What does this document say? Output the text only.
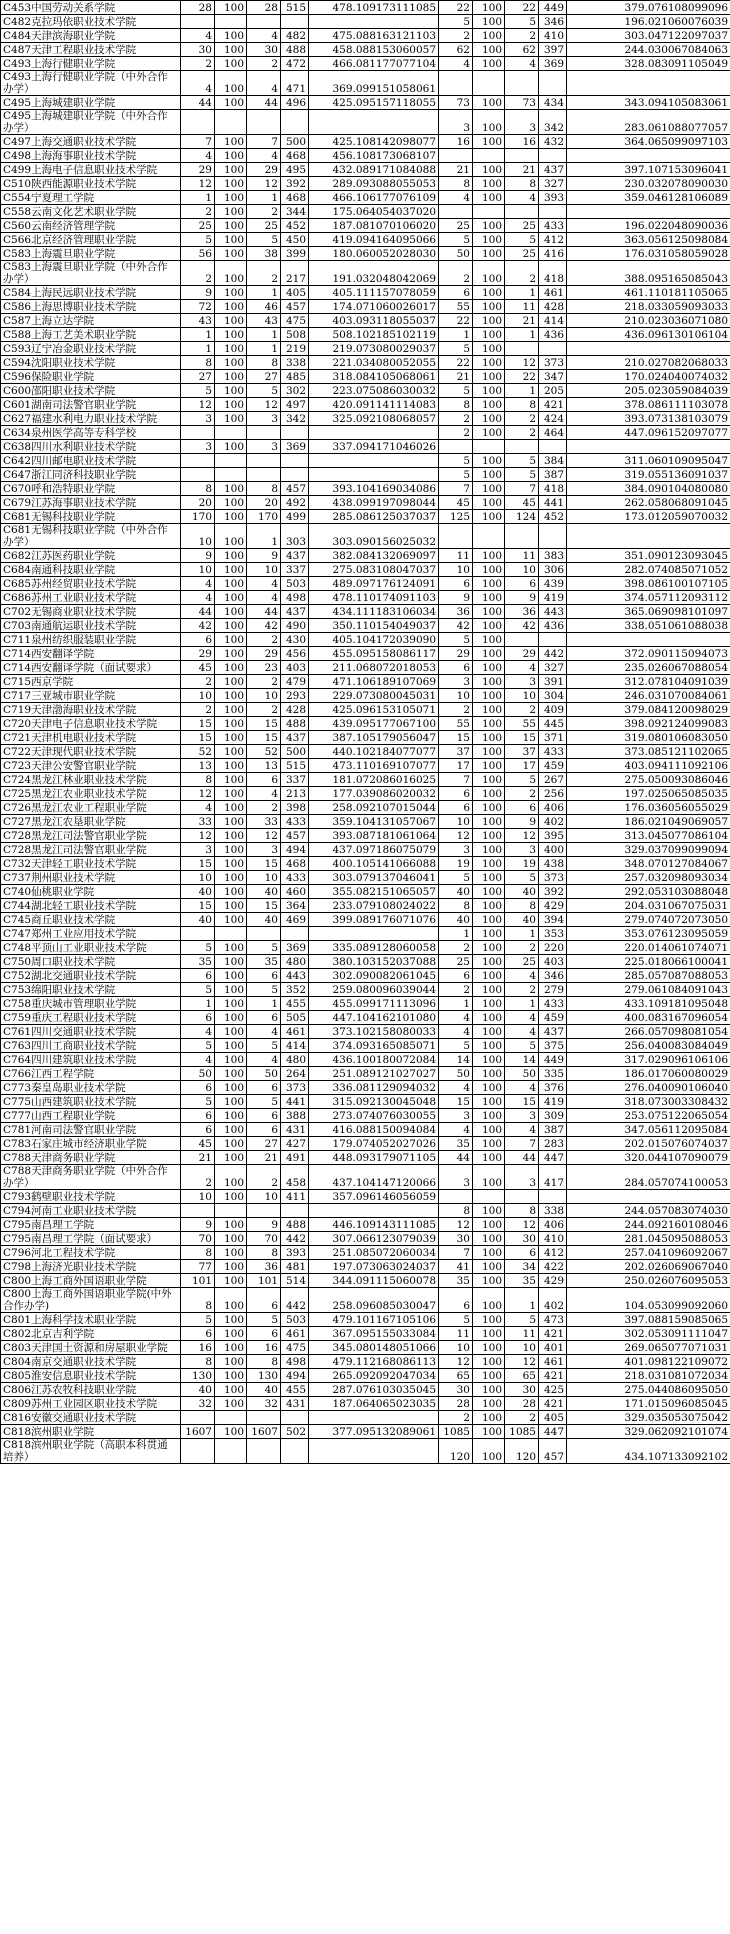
C453中国劳动关系学院	28	100	28	515	478.109173111085	22	100	22	449	379.076108099096
C482克拉玛依职业技术学院						5	100	5	346	196.021060076039
C484天津滨海职业学院	4	100	4	482	475.088163121103	2	100	2	410	303.047122097037
C487天津工程职业技术学院	30	100	30	488	458.088153060057	62	100	62	397	244.030067084063
C493上海行健职业学院	2	100	2	472	466.081177077104	4	100	4	369	328.083091105049
C493上海行健职业学院（中外合作办学）	4	100	4	471	369.099151058061					
C495上海城建职业学院	44	100	44	496	425.095157118055	73	100	73	434	343.094105083061
C495上海城建职业学院（中外合作办学）						3	100	3	342	283.061088077057
C497上海交通职业技术学院	7	100	7	500	425.108142098077	16	100	16	432	364.065099097103
C498上海海事职业技术学院	4	100	4	468	456.108173068107					
C499上海电子信息职业技术学院	29	100	29	495	432.089171084088	21	100	21	437	397.107153096041
C510陕西能源职业技术学院	12	100	12	392	289.093088055053	8	100	8	327	230.032078090030
C554宁夏理工学院	1	100	1	468	466.106177076109	4	100	4	393	359.046128106089
C558云南文化艺术职业学院	2	100	2	344	175.064054037020					
C560云南经济管理学院	25	100	25	452	187.081070106020	25	100	25	433	196.022048090036
C566北京经济管理职业学院	5	100	5	450	419.094164095066	5	100	5	412	363.056125098084
C583上海震旦职业学院	56	100	38	399	180.060052028030	50	100	25	416	176.031058059028
C583上海震旦职业学院（中外合作办学）	2	100	2	217	191.032048042069	2	100	2	418	388.095165085043
C584上海民远职业技术学院	9	100	1	405	405.111157078059	6	100	1	461	461.110181105065
C586上海思博职业技术学院	72	100	46	457	174.071060026017	55	100	11	428	218.033059093033
C587上海立达学院	43	100	43	475	403.093118055037	22	100	21	414	210.023036071080
C588上海工艺美术职业学院	1	100	1	508	508.102185102119	1	100	1	436	436.096130106104
C593辽宁冶金职业技术学院	1	100	1	219	219.073080029037	5	100			
C594沈阳职业技术学院	8	100	8	338	221.034080052055	22	100	12	373	210.027082068033
C596保险职业学院	27	100	27	485	318.084105068061	21	100	22	347	170.024040074032
C600邵阳职业技术学院	5	100	5	302	223.075086030032	5	100	1	205	205.023059084039
C601湖南司法警官职业学院	12	100	12	497	420.091141114083	8	100	8	421	378.086111103078
C627福建水利电力职业技术学院	3	100	3	342	325.092108068057	2	100	2	424	393.073138103079
C634泉州医学高等专科学校						2	100	2	464	447.096152097077
C638四川水利职业技术学院	3	100	3	369	337.094171046026					
C642四川邮电职业技术学院						5	100	5	384	311.060109095047
C647浙江同济科技职业学院						5	100	5	387	319.055136091037
C670呼和浩特职业学院	8	100	8	457	393.104169034086	7	100	7	418	384.090104080080
C679江苏海事职业技术学院	20	100	20	492	438.099197098044	45	100	45	441	262.058068091045
C681无锡科技职业学院	170	100	170	499	285.086125037037	125	100	124	452	173.012059070032
C681无锡科技职业学院（中外合作办学）	10	100	1	303	303.090156025032					
C682江苏医药职业学院	9	100	9	437	382.084132069097	11	100	11	383	351.090123093045
C684南通科技职业学院	10	100	10	337	275.083108047037	10	100	10	306	282.074085071052
C685苏州经贸职业技术学院	4	100	4	503	489.097176124091	6	100	6	439	398.086100107105
C686苏州工业职业技术学院	4	100	4	498	478.110174091103	9	100	9	419	374.057112093112
C702无锡商业职业技术学院	44	100	44	437	434.111183106034	36	100	36	443	365.069098101097
C703南通航运职业技术学院	42	100	42	490	350.110154049037	42	100	42	436	338.051061088038
C711泉州纺织服装职业学院	6	100	2	430	405.104172039090	5	100			
C714西安翻译学院	29	100	29	456	455.095158086117	29	100	29	442	372.090115094073
C714西安翻译学院（面试要求）	45	100	23	403	211.068072018053	6	100	4	327	235.026067088054
C715西京学院	2	100	2	479	471.106189107069	3	100	3	391	312.078104091039
C717三亚城市职业学院	10	100	10	293	229.073080045031	10	100	10	304	246.031070084061
C719天津渤海职业技术学院	2	100	2	428	425.096153105071	2	100	2	409	379.084120098029
C720天津电子信息职业技术学院	15	100	15	488	439.095177067100	55	100	55	445	398.092124099083
C721天津机电职业技术学院	15	100	15	437	387.105179056047	15	100	15	371	319.080106083050
C722天津现代职业技术学院	52	100	52	500	440.102184077077	37	100	37	433	373.085121102065
C723天津公安警官职业学院	13	100	13	515	473.110169107077	17	100	17	459	403.094111092106
C724黑龙江林业职业技术学院	8	100	6	337	181.072086016025	7	100	5	267	275.050093086046
C725黑龙江农业职业技术学院	12	100	4	213	177.039086020032	6	100	2	256	197.025065085035
C726黑龙江农业工程职业学院	4	100	2	398	258.092107015044	6	100	6	406	176.036056055029
C727黑龙江农垦职业学院	33	100	33	433	359.104131057067	10	100	9	402	186.021049069057
C728黑龙江司法警官职业学院	12	100	12	457	393.087181061064	12	100	12	395	313.045077086104
C728黑龙江司法警官职业学院	3	100	3	494	437.097186075079	3	100	3	400	329.037099099094
C732天津轻工职业技术学院	15	100	15	468	400.105141066088	19	100	19	438	348.070127084067
C737荆州职业技术学院	10	100	10	433	303.079137046041	5	100	5	373	257.032098093034
C740仙桃职业学院	40	100	40	460	355.082151065057	40	100	40	392	292.053103088048
C744湖北轻工职业技术学院	15	100	15	364	233.079108024022	8	100	8	429	204.031067075031
C745商丘职业技术学院	40	100	40	469	399.089176071076	40	100	40	394	279.074072073050
C747郑州工业应用技术学院						1	100	1	353	353.076123095059
C748平顶山工业职业技术学院	5	100	5	369	335.089128060058	2	100	2	220	220.014061074071
C750周口职业技术学院	35	100	35	480	380.103152037088	25	100	25	403	225.018066100041
C752湖北交通职业技术学院	6	100	6	443	302.090082061045	6	100	4	346	285.057087088053
C753绵阳职业技术学院	5	100	5	352	259.080096039044	2	100	2	279	279.061084091043
C758重庆城市管理职业学院	1	100	1	455	455.099171113096	1	100	1	433	433.109181095048
C759重庆工程职业技术学院	6	100	6	505	447.104162101080	4	100	4	459	400.083167096054
C761四川交通职业技术学院	4	100	4	461	373.102158080033	4	100	4	437	266.057098081054
C763四川工商职业技术学院	5	100	5	414	374.093165085071	5	100	5	375	256.040083084049
C764四川建筑职业技术学院	4	100	4	480	436.100180072084	14	100	14	449	317.029096106106
C766江西工程学院	50	100	50	264	251.089121027027	50	100	50	335	186.017060080029
C773秦皇岛职业技术学院	6	100	6	373	336.081129094032	4	100	4	376	276.040090106040
C775山西建筑职业技术学院	5	100	5	441	315.092130045048	15	100	15	419	318.073003308432
C777山西工程职业学院	6	100	6	388	273.074076030055	3	100	3	309	253.075122065054
C781河南司法警官职业学院	6	100	6	431	416.088150094084	4	100	4	387	347.056112095084
C783石家庄城市经济职业学院	45	100	27	427	179.074052027026	35	100	7	283	202.015076074037
C788天津商务职业学院	21	100	21	491	448.093179071105	44	100	44	447	320.044107090079
C788天津商务职业学院（中外合作办学）	2	100	2	458	437.104147120066	3	100	3	417	284.057074100053
C793鹤壁职业技术学院	10	100	10	411	357.096146056059					
C794河南工业职业技术学院						8	100	8	338	244.057083074030
C795南昌理工学院	9	100	9	488	446.109143111085	12	100	12	406	244.092160108046
C795南昌理工学院（面试要求）	70	100	70	442	307.066123079039	30	100	30	410	281.045095088053
C796河北工程技术学院	8	100	8	393	251.085072060034	7	100	6	412	257.041096092067
C798上海济光职业技术学院	77	100	36	481	197.073063024037	41	100	34	422	202.026069067040
C800上海工商外国语职业学院	101	100	101	514	344.091115060078	35	100	35	429	250.026076095053
C800上海工商外国语职业学院(中外合作办学)	8	100	6	442	258.096085030047	6	100	1	402	104.053099092060
C801上海科学技术职业学院	5	100	5	503	479.101167105106	5	100	5	473	397.088159085065
C802北京吉利学院	6	100	6	461	367.095155033084	11	100	11	421	302.053091111047
C803天津国土资源和房屋职业学院	16	100	16	475	345.080148051066	10	100	10	401	269.065077071031
C804南京交通职业技术学院	8	100	8	498	479.112168086113	12	100	12	461	401.098122109072
C805淮安信息职业技术学院	130	100	130	494	265.092092047034	65	100	65	421	218.031081072034
C806江苏农牧科技职业学院	40	100	40	455	287.076103035045	30	100	30	425	275.044086095050
C809苏州工业园区职业技术学院	32	100	32	431	187.064065023035	28	100	28	421	171.015096085045
C816安徽交通职业技术学院						2	100	2	405	329.035053075042
C818滨州职业学院	1607	100	1607	502	377.095132089061	1085	100	1085	447	329.062092101074
C818滨州职业学院（高职本科贯通培养）						120	100	120	457	434.107133092102
